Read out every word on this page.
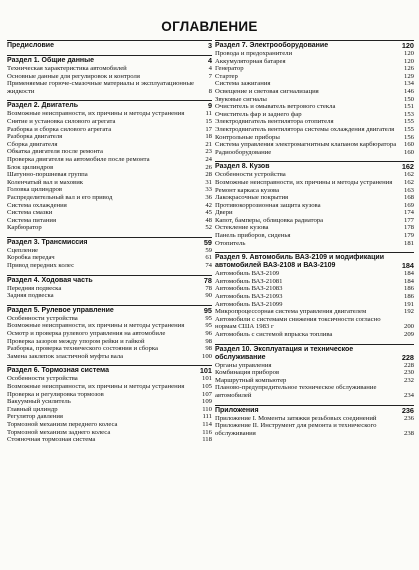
ОГЛАВЛЕНИЕ
Предисловие	3
Раздел 1. Общие данные	4
Техническая характеристика автомобилей	4
Основные данные для регулировок и контроля	7
Применяемые горюче-смазочные материалы и эксплуатационные жидкости	8
Раздел 2. Двигатель	9
Возможные неисправности, их причины и методы устранения	11
Снятие и установка силового агрегата	15
Разборка и сборка силового агрегата	17
Разборка двигателя	18
Сборка двигателя	21
Обкатка двигателя после ремонта	23
Проверка двигателя на автомобиле после ремонта	24
Блок цилиндров	26
Шатунно-поршневая группа	28
Коленчатый вал и маховик	31
Головка цилиндров	33
Распределительный вал и его привод	36
Система охлаждения	42
Система смазки	45
Система питания	48
Карбюратор	52
Раздел 3. Трансмиссия	59
Сцепление	59
Коробка передач	61
Привод передних колес	74
Раздел 4. Ходовая часть	78
Передняя подвеска	78
Задняя подвеска	90
Раздел 5. Рулевое управление	95
Особенности устройства	95
Возможные неисправности, их причины и методы устранения	95
Осмотр и проверка рулевого управления на автомобиле	96
Проверка зазоров между упором рейки и гайкой	98
Разборка, проверка технического состояния и сборка	98
Замена заклепок эластичной муфты вала	100
Раздел 6. Тормозная система	101
Особенности устройства	101
Возможные неисправности, их причины и методы устранения	105
Проверка и регулировка тормозов	107
Вакуумный усилитель	109
Главный цилиндр	110
Регулятор давления	111
Тормозной механизм переднего колеса	114
Тормозной механизм заднего колеса	116
Стояночная тормозная система	118
Раздел 7. Электрооборудование	120
Провода и предохранители	120
Аккумуляторная батарея	120
Генератор	126
Стартер	129
Система зажигания	134
Освещение и световая сигнализация	146
Звуковые сигналы	150
Очиститель и омыватель ветрового стекла	151
Очиститель фар и заднего фар	153
Электродвигатель вентилятора отопителя	155
Электродвигатель вентилятора системы охлаждения двигателя	155
Контрольные приборы	156
Система управления электромагнитным клапаном карбюратора	160
Радиооборудование	160
Раздел 8. Кузов	162
Особенности устройства	162
Возможные неисправности, их причины и методы устранения	162
Ремонт каркаса кузова	163
Лакокрасочные покрытия	168
Противокоррозионная защита кузова	169
Двери	174
Капот, бамперы, облицовка радиатора	177
Остекление кузова	178
Панель приборов, сиденья	179
Отопитель	181
Раздел 9. Автомобиль ВАЗ-2109 и модификации автомобилей ВАЗ-2108 и ВАЗ-2109	184
Автомобиль ВАЗ-2109	184
Автомобиль ВАЗ-21081	184
Автомобиль ВАЗ-21083	186
Автомобиль ВАЗ-21093	186
Автомобиль ВАЗ-21099	191
Микропроцессорная система управления двигателем	192
Автомобили с системами снижения токсичности согласно нормам США 1983 г	200
Автомобиль с системой впрыска топлива	209
Раздел 10. Эксплуатация и техническое обслуживание	228
Органы управления	228
Комбинация приборов	230
Маршрутный компьютер	232
Планово-предупредительное техническое обслуживание автомобилей	234
Приложения	236
Приложение I. Моменты затяжки резьбовых соединений	236
Приложение II. Инструмент для ремонта и технического обслуживания	238
